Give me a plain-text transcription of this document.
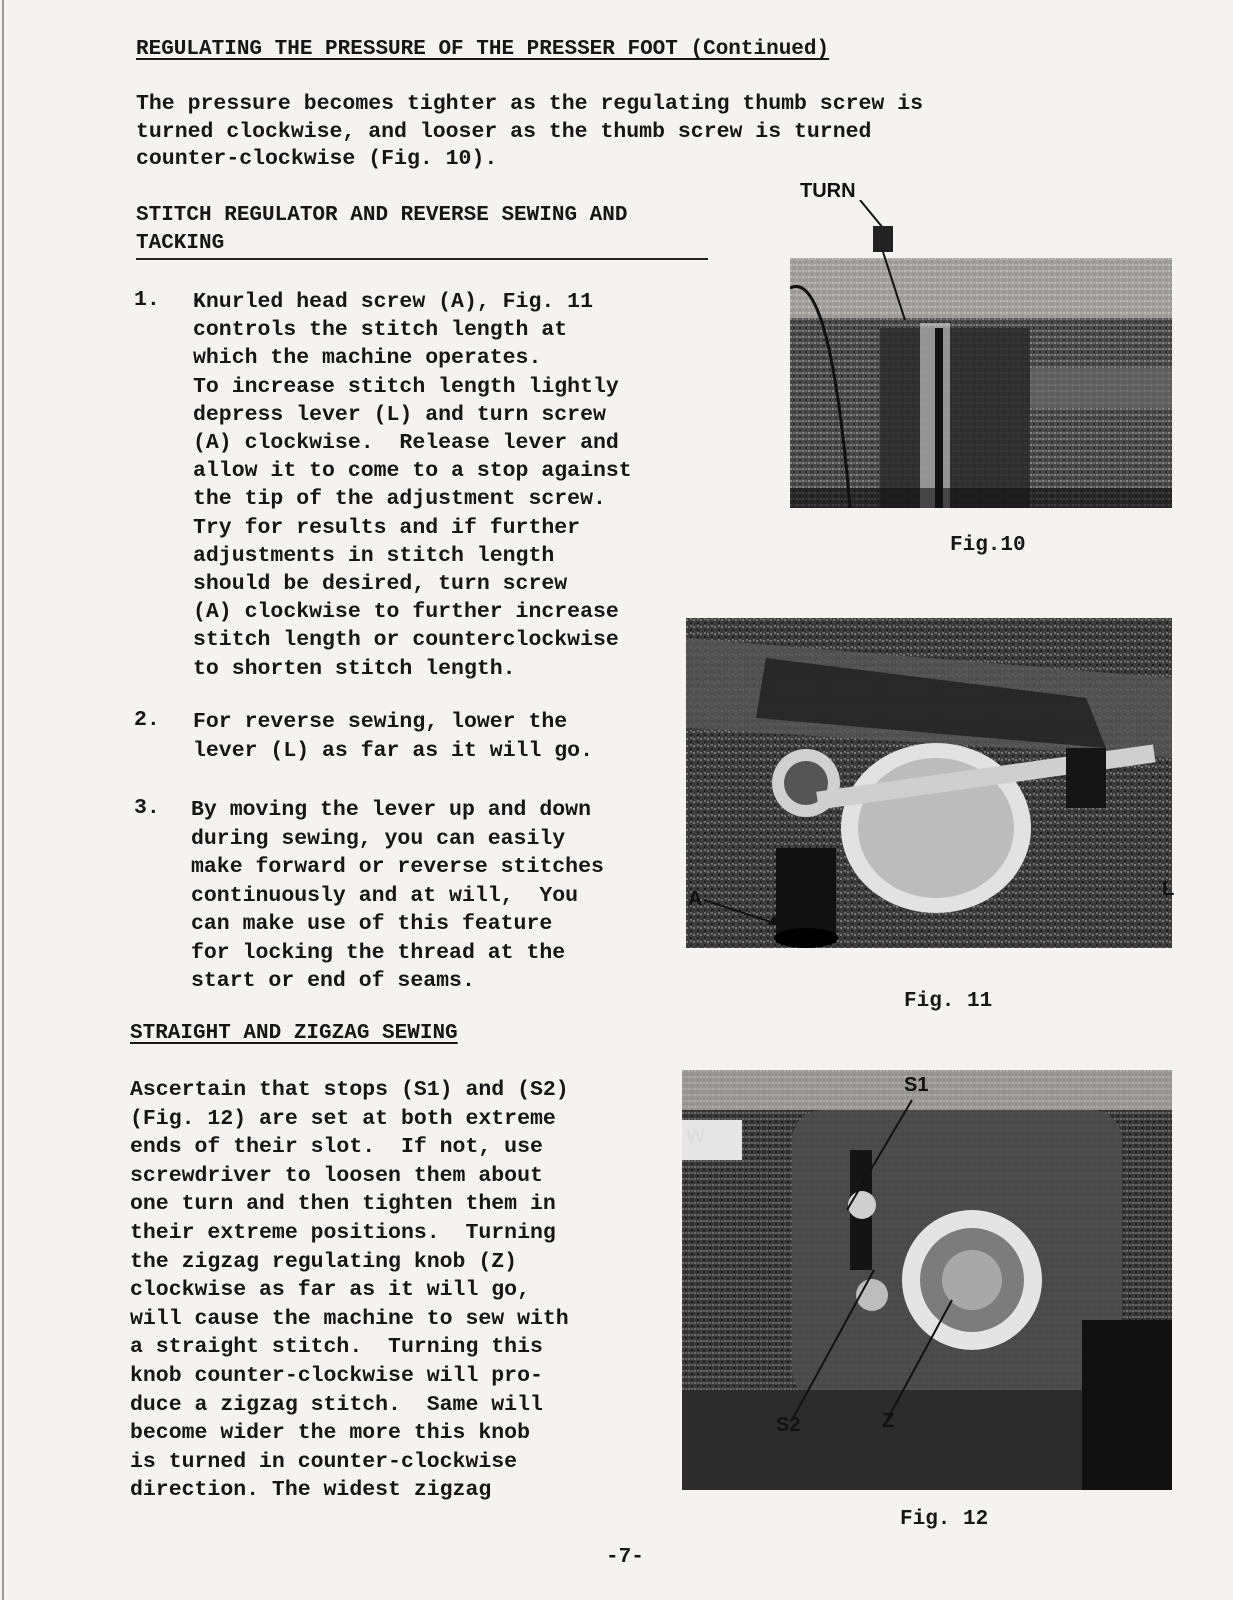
REGULATING THE PRESSURE OF THE PRESSER FOOT (Continued)
The pressure becomes tighter as the regulating thumb screw is
turned clockwise, and looser as the thumb screw is turned
counter-clockwise (Fig. 10).
STITCH REGULATOR AND REVERSE SEWING AND
TACKING
1. Knurled head screw (A), Fig. 11
controls the stitch length at
which the machine operates.
To increase stitch length lightly
depress lever (L) and turn screw
(A) clockwise.  Release lever and
allow it to come to a stop against
the tip of the adjustment screw.
Try for results and if further
adjustments in stitch length
should be desired, turn screw
(A) clockwise to further increase
stitch length or counterclockwise
to shorten stitch length.
2. For reverse sewing, lower the
lever (L) as far as it will go.
3. By moving the lever up and down
during sewing, you can easily
make forward or reverse stitches
continuously and at will,  You
can make use of this feature
for locking the thread at the
start or end of seams.
STRAIGHT AND ZIGZAG SEWING
Ascertain that stops (S1) and (S2)
(Fig. 12) are set at both extreme
ends of their slot.  If not, use
screwdriver to loosen them about
one turn and then tighten them in
their extreme positions.  Turning
the zigzag regulating knob (Z)
clockwise as far as it will go,
will cause the machine to sew with
a straight stitch.  Turning this
knob counter-clockwise will pro-
duce a zigzag stitch.  Same will
become wider the more this knob
is turned in counter-clockwise
direction. The widest zigzag
TURN
Fig.10
A	L
Fig. 11
W
S1
S2	Z
Fig. 12
-7-
